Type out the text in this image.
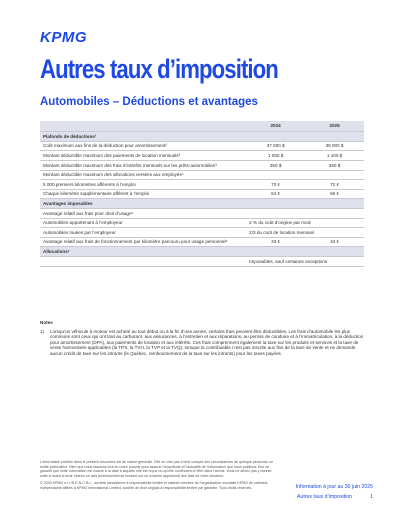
KPMG
Autres taux d’imposition
Automobiles – Déductions et avantages
	2024	2025
Plafonds de déductions¹		
Coût maximum aux fins de la déduction pour amortissement²	37 000 $	38 000 $
Montant déductible maximum des paiements de location mensuels³	1 050 $	1 100 $
Montant déductible maximum des frais d’intérêts mensuels sur les prêts-automobiles³	350 $	350 $
Montant déductible maximum des allocations versées aux employés⁴		
5 000 premiers kilomètres afférents à l’emploi	70 ¢	72 ¢
Chaque kilomètre supplémentaire afférent à l’emploi	64 ¢	66 ¢
Avantages imposables		
Avantage relatif aux frais pour droit d’usage⁵		
Automobiles appartenant à l’employeur	2 % du coût d’origine par mois	
Automobiles louées par l’employeur	2/3 du coût de location mensuel	
Avantage relatif aux frais de fonctionnement par kilomètre parcouru pour usage personnel⁶	33 ¢	34 ¢
Allocations⁷		
	Imposables, sauf certaines exceptions	
Notes
1)	Lorsqu’un véhicule à moteur est acheté au tout début ou à la fin d’une année, certains frais peuvent être déductibles. Les frais d’automobile les plus communs sont ceux qui ont trait au carburant, aux assurances, à l’entretien et aux réparations, au permis de conduire et à l’immatriculation, à la déduction pour amortissement (DPA), aux paiements de location et aux intérêts. Ces frais comprennent également la taxe sur les produits et services et la taxe de vente harmonisée applicables (la TPS, la TVH, la TVP et la TVQ), lorsque la contribuable n’est pas inscrite aux fins de la taxe de vente et ne demande aucun crédit de taxe sur les intrants (le Québec, remboursement de la taxe sur les intrants) pour les taxes payées.

L’information publiée dans le présent document est de nature générale. Elle ne vise pas à tenir compte des circonstances de quelque personne ou entité particulière. Bien que nous fassions tout en notre pouvoir pour assurer l’exactitude et l’actualité de l’information que nous publions, rien ne garantit que cette information est exacte à la date à laquelle elle est reçue ou qu’elle continuera à l’être dans l’avenir. Vous ne devez pas y donner suite à moins d’avoir obtenu un avis professionnel se fondant sur un examen approfondi des faits de votre situation.

© 2025 KPMG s.r.l./S.E.N.C.R.L., société canadienne à responsabilité limitée et cabinet membre de l’organisation mondiale KPMG de cabinets indépendants affiliés à KPMG International Limited, société de droit anglais à responsabilité limitée par garantie. Tous droits réservés.	Information à jour au 30 juin 2025
Autres taux d’imposition	1
